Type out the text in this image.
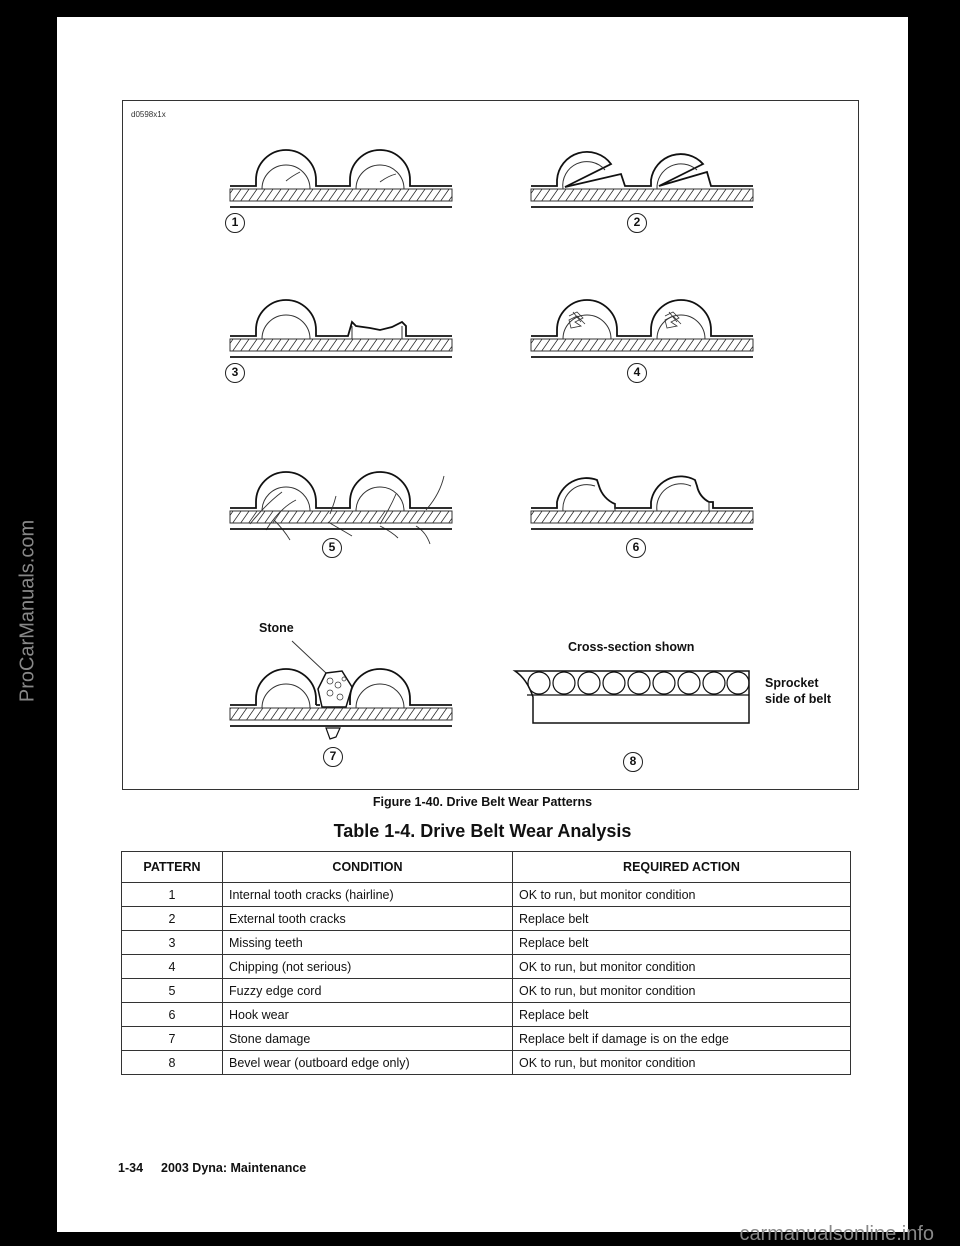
d0598x1x
1	2
3	4
5	6
Stone
7
Cross-section shown
Sprocket
side of belt
8
Figure 1-40. Drive Belt Wear Patterns
Table 1-4. Drive Belt Wear Analysis
PATTERN	CONDITION	REQUIRED ACTION
1	Internal tooth cracks (hairline)	OK to run, but monitor condition
2	External tooth cracks	Replace belt
3	Missing teeth	Replace belt
4	Chipping (not serious)	OK to run, but monitor condition
5	Fuzzy edge cord	OK to run, but monitor condition
6	Hook wear	Replace belt
7	Stone damage	Replace belt if damage is on the edge
8	Bevel wear (outboard edge only)	OK to run, but monitor condition
1-34 2003 Dyna: Maintenance
carmanualsonline.info
ProCarManuals.com
